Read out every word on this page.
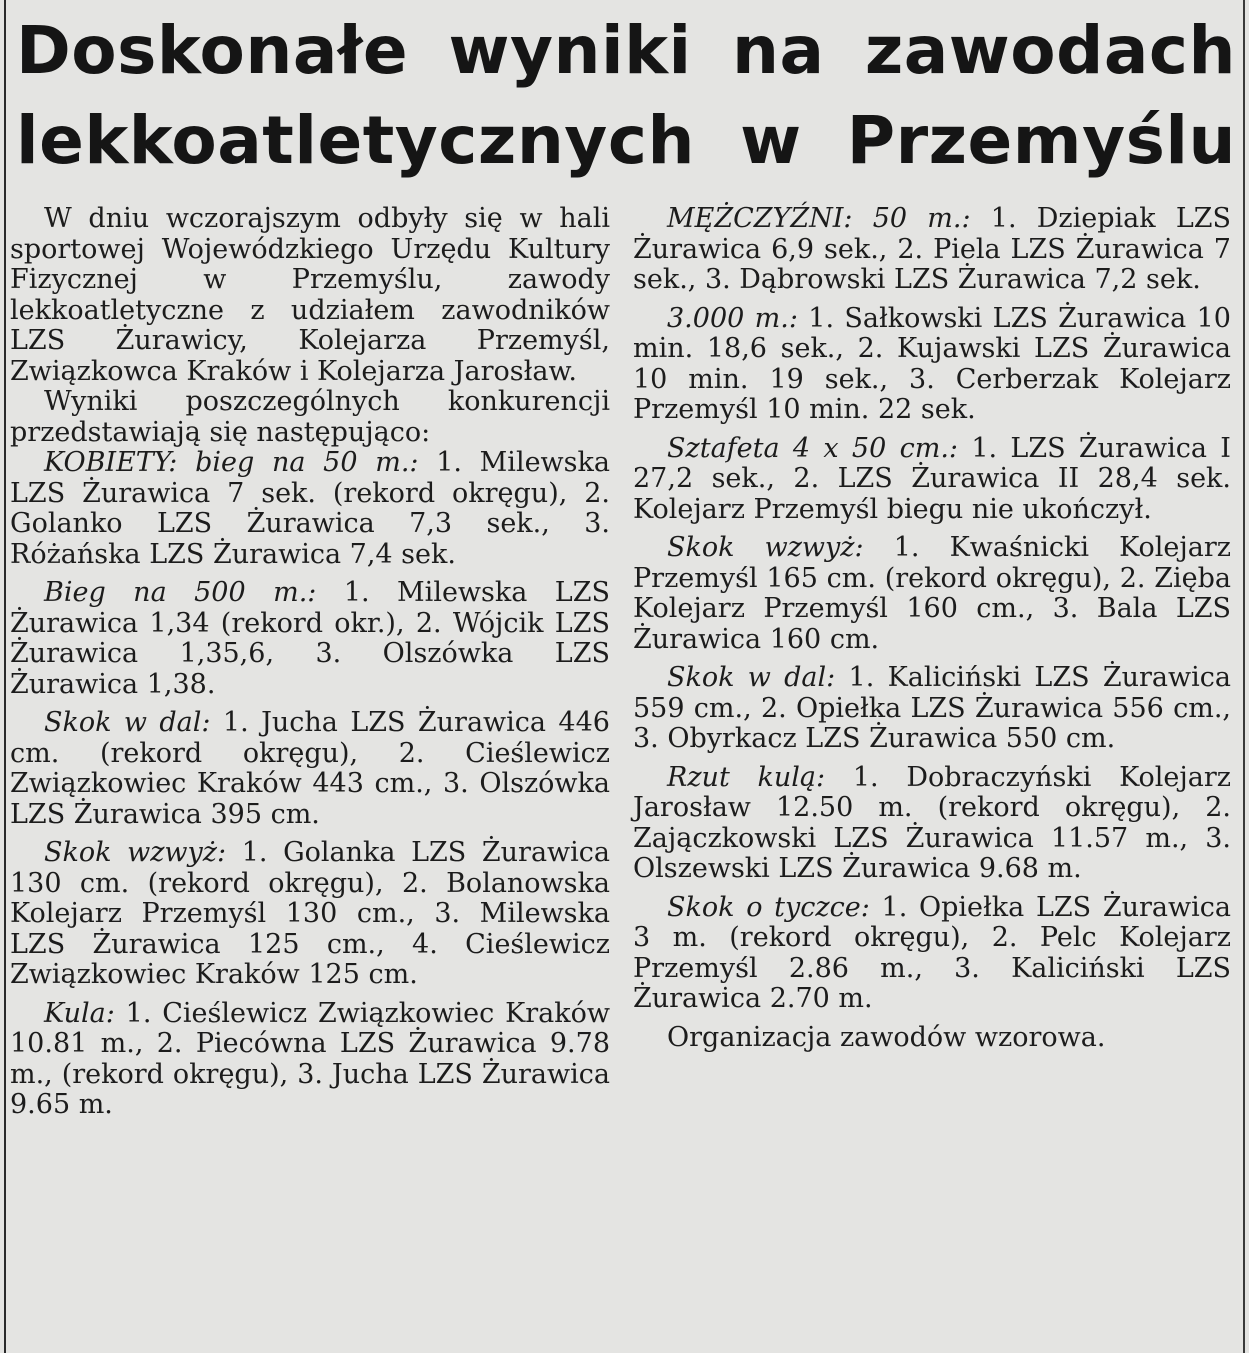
Doskonałe wyniki na zawodach
lekkoatletycznych w Przemyślu

W dniu wczorajszym odbyły się w hali sportowej Wojewódzkiego Urzędu Kultury Fizycznej w Przemyślu, zawody lekkoatletyczne z udziałem zawodników LZS Żurawicy, Kolejarza Przemyśl, Związkowca Kraków i Kolejarza Jarosław.

Wyniki poszczególnych konkurencji przedstawiają się następująco:

KOBIETY: bieg na 50 m.: 1. Milewska LZS Żurawica 7 sek. (rekord okręgu), 2. Golanko LZS Żurawica 7,3 sek., 3. Różańska LZS Żurawica 7,4 sek.

Bieg na 500 m.: 1. Milewska LZS Żurawica 1,34 (rekord okr.), 2. Wójcik LZS Żurawica 1,35,6, 3. Olszówka LZS Żurawica 1,38.

Skok w dal: 1. Jucha LZS Żurawica 446 cm. (rekord okręgu), 2. Cieślewicz Związkowiec Kraków 443 cm., 3. Olszówka LZS Żurawica 395 cm.

Skok wzwyż: 1. Golanka LZS Żurawica 130 cm. (rekord okręgu), 2. Bolanowska Kolejarz Przemyśl 130 cm., 3. Milewska LZS Żurawica 125 cm., 4. Cieślewicz Związkowiec Kraków 125 cm.

Kula: 1. Cieślewicz Związkowiec Kraków 10.81 m., 2. Piecówna LZS Żurawica 9.78 m., (rekord okręgu), 3. Jucha LZS Żurawica 9.65 m.

MĘŻCZYŹNI: 50 m.: 1. Dziepiak LZS Żurawica 6,9 sek., 2. Piela LZS Żurawica 7 sek., 3. Dąbrowski LZS Żurawica 7,2 sek.

3.000 m.: 1. Sałkowski LZS Żurawica 10 min. 18,6 sek., 2. Kujawski LZS Żurawica 10 min. 19 sek., 3. Cerberzak Kolejarz Przemyśl 10 min. 22 sek.

Sztafeta 4 x 50 cm.: 1. LZS Żurawica I 27,2 sek., 2. LZS Żurawica II 28,4 sek. Kolejarz Przemyśl biegu nie ukończył.

Skok wzwyż: 1. Kwaśnicki Kolejarz Przemyśl 165 cm. (rekord okręgu), 2. Zięba Kolejarz Przemyśl 160 cm., 3. Bala LZS Żurawica 160 cm.

Skok w dal: 1. Kaliciński LZS Żurawica 559 cm., 2. Opiełka LZS Żurawica 556 cm., 3. Obyrkacz LZS Żurawica 550 cm.

Rzut kulą: 1. Dobraczyński Kolejarz Jarosław 12.50 m. (rekord okręgu), 2. Zajączkowski LZS Żurawica 11.57 m., 3. Olszewski LZS Żurawica 9.68 m.

Skok o tyczce: 1. Opiełka LZS Żurawica 3 m. (rekord okręgu), 2. Pelc Kolejarz Przemyśl 2.86 m., 3. Kaliciński LZS Żurawica 2.70 m.

Organizacja zawodów wzorowa.
